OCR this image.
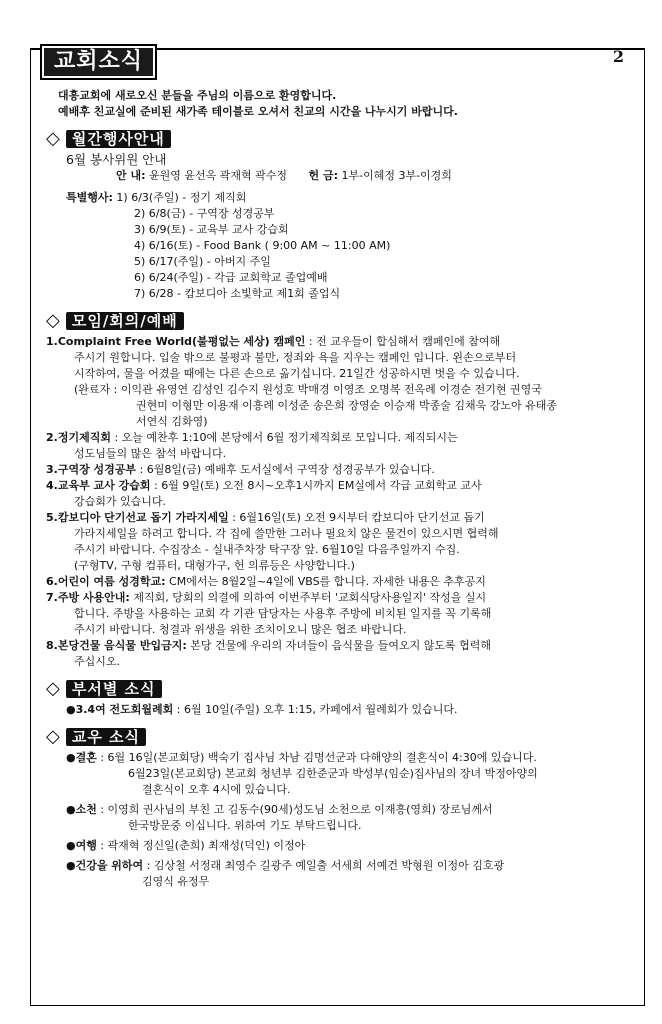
교회소식	2

대흥교회에 새로오신 분들을 주님의 이름으로 환영합니다.

예배후 친교실에 준비된 새가족 테이블로 오셔서 친교의 시간을 나누시기 바랍니다.

◇ 월간행사안내

6월 봉사위원 안내

안 내: 윤원영 윤선옥 곽재혁 곽수정 헌 금: 1부-이혜정 3부-이경희

특별행사: 1) 6/3(주일) - 정기 제직회

2) 6/8(금) - 구역장 성경공부

3) 6/9(토) - 교육부 교사 강습회

4) 6/16(토) - Food Bank ( 9:00 AM ~ 11:00 AM)

5) 6/17(주일) - 아버지 주일

6) 6/24(주일) - 각급 교회학교 졸업예배

7) 6/28 - 캄보디아 소빛학교 제1회 졸업식

◇ 모임/회의/예배

1.Complaint Free World(불평없는 세상) 캠페인 : 전 교우들이 합심해서 캠페인에 참여해

주시기 원합니다. 입술 밖으로 불평과 불만, 정죄와 욕을 지우는 캠페인 입니다. 왼손으로부터

시작하여, 물을 어겼을 때에는 다른 손으로 옮기십니다. 21일간 성공하시면 벗을 수 있습니다.

(완료자 : 이익관 유영연 김성인 김수지 원성호 박매경 이영조 오명복 전옥례 이경순 전기현 권영국

권현미 이형만 이용재 이흥례 이성준 송은희 장영순 이승재 박종술 김채욱 강노아 유태종

서연식 김화영)

2.정기제직회 : 오늘 예찬후 1:10에 본당에서 6월 정기제직회로 모입니다. 제직되시는

성도님들의 많은 참석 바랍니다.

3.구역장 성경공부 : 6월8일(금) 예배후 도서실에서 구역장 성경공부가 있습니다.

4.교육부 교사 강습회 : 6월 9일(토) 오전 8시~오후1시까지 EM실에서 각급 교회학교 교사

강습회가 있습니다.

5.캄보디아 단기선교 돕기 가라지세일 : 6월16일(토) 오전 9시부터 캄보디아 단기선교 돕기

가라지세일을 하려고 합니다. 각 집에 쓸만한 그러나 필요치 않은 물건이 있으시면 협력해

주시기 바랍니다. 수집장소 - 실내주차장 탁구장 앞. 6월10일 다음주일까지 수집.

(구형TV, 구형 컴퓨터, 대형가구, 헌 의류등은 사양합니다.)

6.어린이 여름 성경학교: CM에서는 8월2일~4일에 VBS를 합니다. 자세한 내용은 추후공지

7.주방 사용안내: 제직회, 당회의 의결에 의하여 이번주부터 '교회식당사용일지' 작성을 실시

합니다. 주방을 사용하는 교회 각 기관 담당자는 사용후 주방에 비치된 일지를 꼭 기록해

주시기 바랍니다. 청결과 위생을 위한 조치이오니 많은 협조 바랍니다.

8.본당건물 음식물 반입금지: 본당 건물에 우리의 자녀들이 음식물을 들여오지 않도록 협력해

주십시오.

◇ 부서별 소식

●3.4여 전도회월례회 : 6월 10일(주일) 오후 1:15, 카페에서 월례회가 있습니다.

◇ 교우 소식

●결혼 : 6월 16일(본교회당) 백숙기 집사님 차남 김명선군과 다해양의 결혼식이 4:30에 있습니다.

6월23일(본교회당) 본교회 청년부 김한준군과 박성부(임순)집사님의 장녀 박정아양의

결혼식이 오후 4시에 있습니다.

●소천 : 이영희 권사님의 부친 고 김동수(90세)성도님 소천으로 이재흥(영희) 장로님께서

한국방문중 이십니다. 위하여 기도 부탁드립니다.

●여행 : 곽재혁 정신일(춘희) 최재성(덕인) 이정아

●건강을 위하여 : 김상철 서정래 최영수 길광주 예일출 서세희 서예건 박형원 이정아 김호광

김영식 유정무
